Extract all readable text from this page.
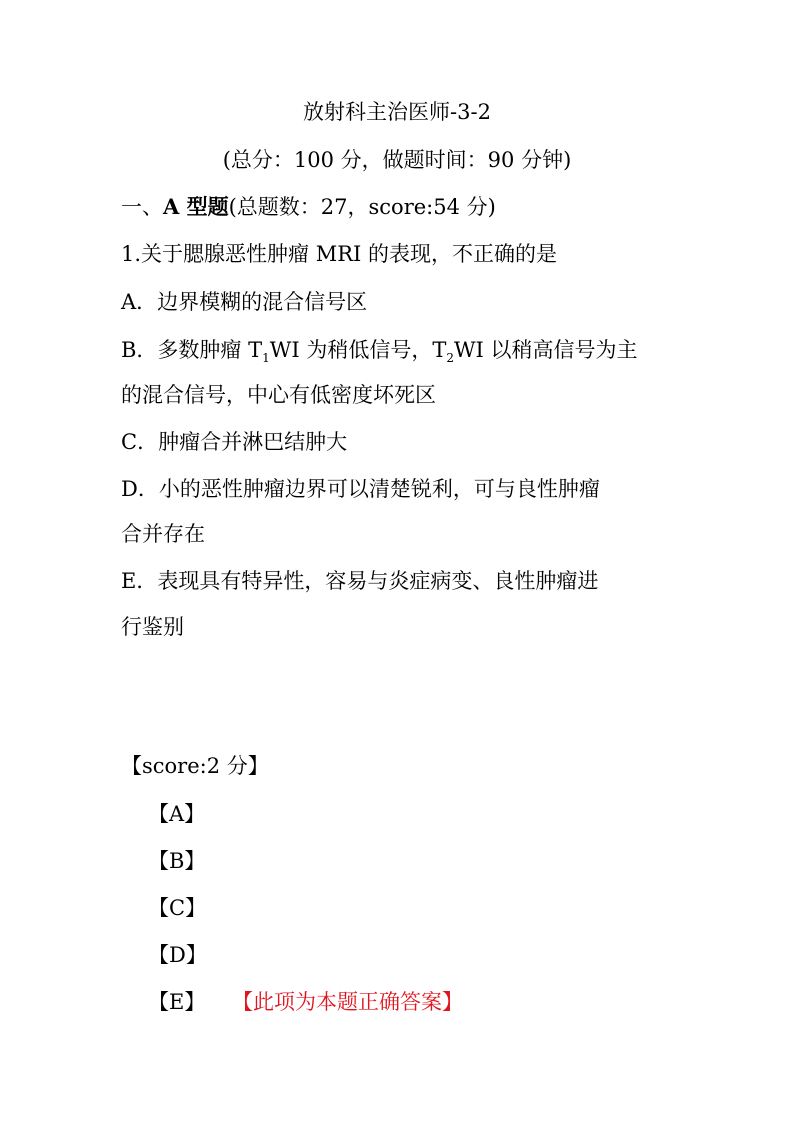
放射科主治医师-3-2
(总分：100 分，做题时间：90 分钟)
一、A 型题(总题数：27，score:54 分)
1.关于腮腺恶性肿瘤 MRI 的表现，不正确的是
A．边界模糊的混合信号区
B．多数肿瘤 $T_1WI$ 为稍低信号，$T_2WI$ 以稍高信号为主
的混合信号，中心有低密度坏死区
C．肿瘤合并淋巴结肿大
D．小的恶性肿瘤边界可以清楚锐利，可与良性肿瘤
合并存在
E．表现具有特异性，容易与炎症病变、良性肿瘤进
行鉴别
【score:2 分】
【A】
【B】
【C】
【D】
【E】 【此项为本题正确答案】
